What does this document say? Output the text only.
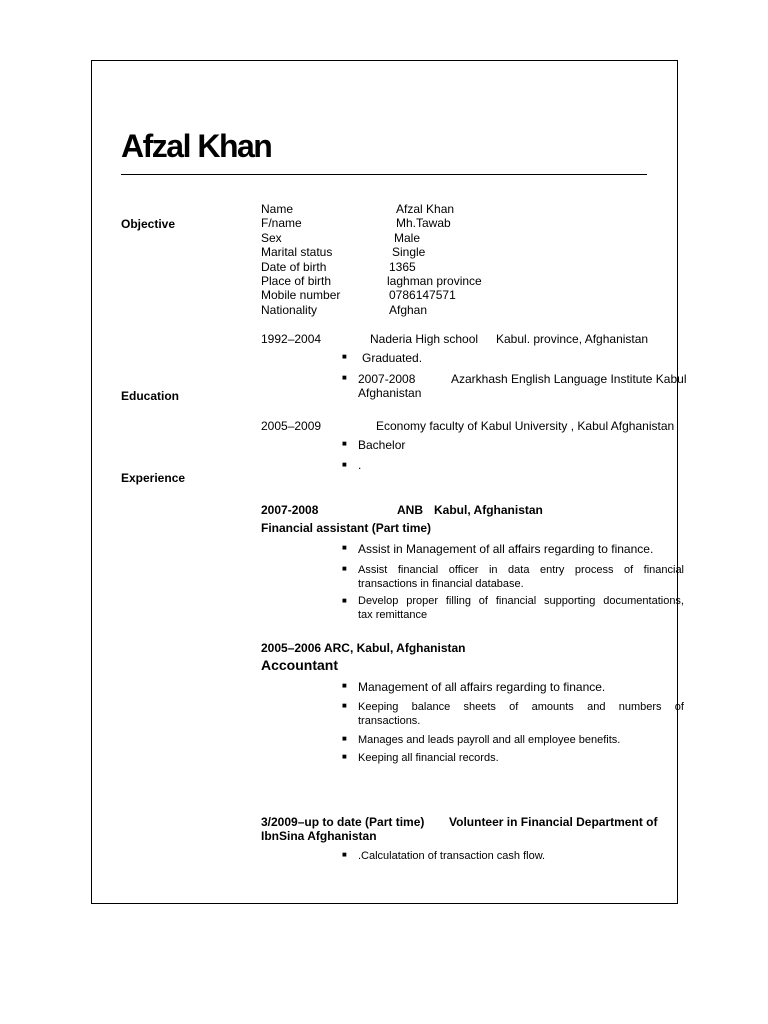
Afzal Khan
Objective
Education
Experience
Name	Afzal Khan
F/name	Mh.Tawab
Sex	Male
Marital status	Single
Date of birth	1365
Place of birth	laghman province
Mobile number	0786147571
Nationality	Afghan
1992–2004	Naderia High school Kabul. province, Afghanistan
■ Graduated.
■ 2007-2008	Azarkhash English Language Institute Kabul
Afghanistan
2005–2009	Economy faculty of Kabul University , Kabul Afghanistan
■ Bachelor
■ .
2007-2008	ANB Kabul, Afghanistan
Financial assistant (Part time)
■ Assist in Management of all affairs regarding to finance.
■ Assist financial officer in data entry process of financial
transactions in financial database.
■ Develop proper filling of financial supporting documentations,
tax remittance
2005–2006 ARC, Kabul, Afghanistan
Accountant
■ Management of all affairs regarding to finance.
■ Keeping balance sheets of amounts and numbers of
transactions.
■ Manages and leads payroll and all employee benefits.
■ Keeping all financial records.
3/2009–up to date (Part time) Volunteer in Financial Department of
IbnSina Afghanistan
■ .Calculatation of transaction cash flow.
